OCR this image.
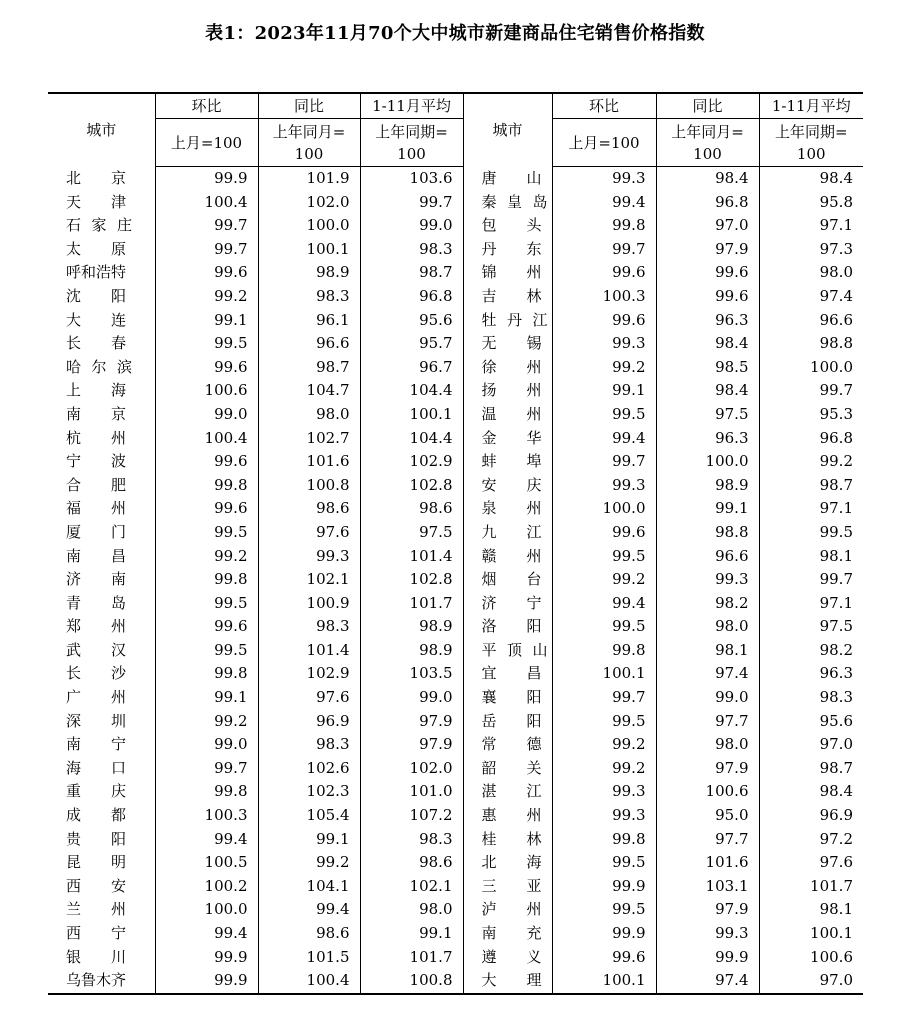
表1：2023年11月70个大中城市新建商品住宅销售价格指数
城市	环比	同比	1-11月平均	城市	环比	同比	1-11月平均
	上月=100	上年同月=100	上年同期=100		上月=100	上年同月=100	上年同期=100
北京	99.9	101.9	103.6	唐山	99.3	98.4	98.4
天津	100.4	102.0	99.7	秦皇岛	99.4	96.8	95.8
石家庄	99.7	100.0	99.0	包头	99.8	97.0	97.1
太原	99.7	100.1	98.3	丹东	99.7	97.9	97.3
呼和浩特	99.6	98.9	98.7	锦州	99.6	99.6	98.0
沈阳	99.2	98.3	96.8	吉林	100.3	99.6	97.4
大连	99.1	96.1	95.6	牡丹江	99.6	96.3	96.6
长春	99.5	96.6	95.7	无锡	99.3	98.4	98.8
哈尔滨	99.6	98.7	96.7	徐州	99.2	98.5	100.0
上海	100.6	104.7	104.4	扬州	99.1	98.4	99.7
南京	99.0	98.0	100.1	温州	99.5	97.5	95.3
杭州	100.4	102.7	104.4	金华	99.4	96.3	96.8
宁波	99.6	101.6	102.9	蚌埠	99.7	100.0	99.2
合肥	99.8	100.8	102.8	安庆	99.3	98.9	98.7
福州	99.6	98.6	98.6	泉州	100.0	99.1	97.1
厦门	99.5	97.6	97.5	九江	99.6	98.8	99.5
南昌	99.2	99.3	101.4	赣州	99.5	96.6	98.1
济南	99.8	102.1	102.8	烟台	99.2	99.3	99.7
青岛	99.5	100.9	101.7	济宁	99.4	98.2	97.1
郑州	99.6	98.3	98.9	洛阳	99.5	98.0	97.5
武汉	99.5	101.4	98.9	平顶山	99.8	98.1	98.2
长沙	99.8	102.9	103.5	宜昌	100.1	97.4	96.3
广州	99.1	97.6	99.0	襄阳	99.7	99.0	98.3
深圳	99.2	96.9	97.9	岳阳	99.5	97.7	95.6
南宁	99.0	98.3	97.9	常德	99.2	98.0	97.0
海口	99.7	102.6	102.0	韶关	99.2	97.9	98.7
重庆	99.8	102.3	101.0	湛江	99.3	100.6	98.4
成都	100.3	105.4	107.2	惠州	99.3	95.0	96.9
贵阳	99.4	99.1	98.3	桂林	99.8	97.7	97.2
昆明	100.5	99.2	98.6	北海	99.5	101.6	97.6
西安	100.2	104.1	102.1	三亚	99.9	103.1	101.7
兰州	100.0	99.4	98.0	泸州	99.5	97.9	98.1
西宁	99.4	98.6	99.1	南充	99.9	99.3	100.1
银川	99.9	101.5	101.7	遵义	99.6	99.9	100.6
乌鲁木齐	99.9	100.4	100.8	大理	100.1	97.4	97.0
